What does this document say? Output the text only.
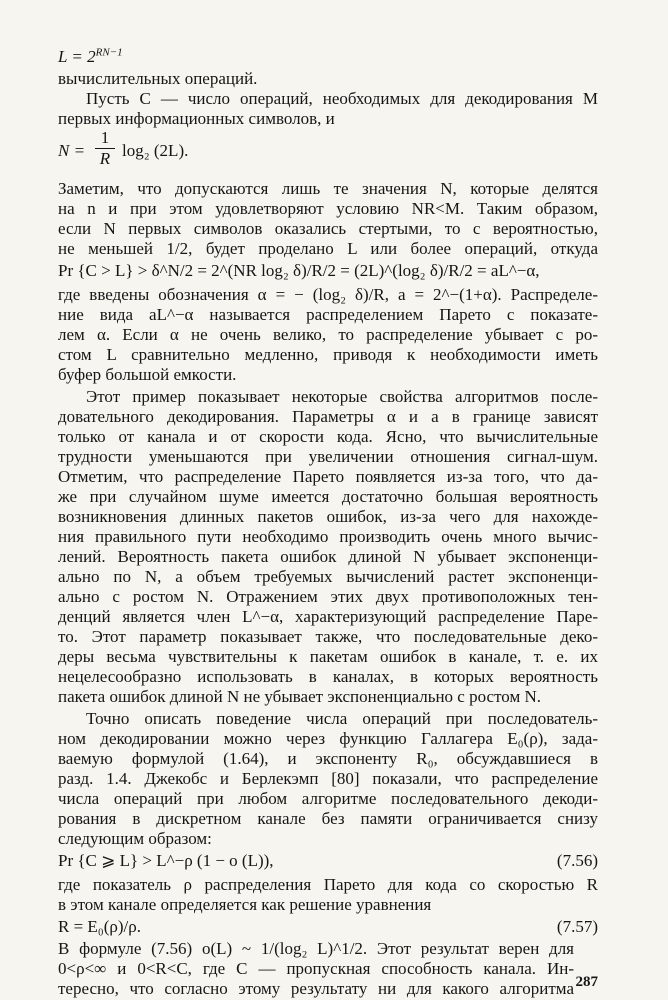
$L = 2^{RN-1}$
вычислительных операций.
Пусть C — число операций, необходимых для декодирования M
первых информационных символов, и
N =
1
R log₂ (2L).
Заметим, что допускаются лишь те значения N, которые делятся
на n и при этом удовлетворяют условию NR<M. Таким образом,
если N первых символов оказались стертыми, то с вероятностью,
не меньшей 1/2, будет проделано L или более операций, откуда
Pr {C > L} > δ^N/2 = 2^(NR log₂ δ)/R/2 = (2L)^(log₂ δ)/R/2 = aL^−α,
где введены обозначения α = − (log₂ δ)/R, a = 2^−(1+α). Распределе-
ние вида aL^−α называется распределением Парето с показате-
лем α. Если α не очень велико, то распределение убывает с ро-
стом L сравнительно медленно, приводя к необходимости иметь
буфер большой емкости.
Этот пример показывает некоторые свойства алгоритмов после-
довательного декодирования. Параметры α и a в границе зависят
только от канала и от скорости кода. Ясно, что вычислительные
трудности уменьшаются при увеличении отношения сигнал-шум.
Отметим, что распределение Парето появляется из-за того, что да-
же при случайном шуме имеется достаточно большая вероятность
возникновения длинных пакетов ошибок, из-за чего для нахожде-
ния правильного пути необходимо производить очень много вычис-
лений. Вероятность пакета ошибок длиной N убывает экспоненци-
ально по N, а объем требуемых вычислений растет экспоненци-
ально с ростом N. Отражением этих двух противоположных тен-
денций является член L^−α, характеризующий распределение Паре-
то. Этот параметр показывает также, что последовательные деко-
деры весьма чувствительны к пакетам ошибок в канале, т. е. их
нецелесообразно использовать в каналах, в которых вероятность
пакета ошибок длиной N не убывает экспоненциально с ростом N.
Точно описать поведение числа операций при последователь-
ном декодировании можно через функцию Галлагера E₀(ρ), зада-
ваемую формулой (1.64), и экспоненту R₀, обсуждавшиеся в
разд. 1.4. Джекобс и Берлекэмп [80] показали, что распределение
числа операций при любом алгоритме последовательного декоди-
рования в дискретном канале без памяти ограничивается снизу
следующим образом:
Pr {C ⩾ L} > L^−ρ (1 − o (L)),	(7.56)
где показатель ρ распределения Парето для кода со скоростью R
в этом канале определяется как решение уравнения
R = E₀(ρ)/ρ.	(7.57)
В формуле (7.56) o(L) ~ 1/(log₂ L)^1/2. Этот результат верен для
0<ρ<∞ и 0<R<C, где C — пропускная способность канала. Ин-
тересно, что согласно этому результату ни для какого алгоритма 287
